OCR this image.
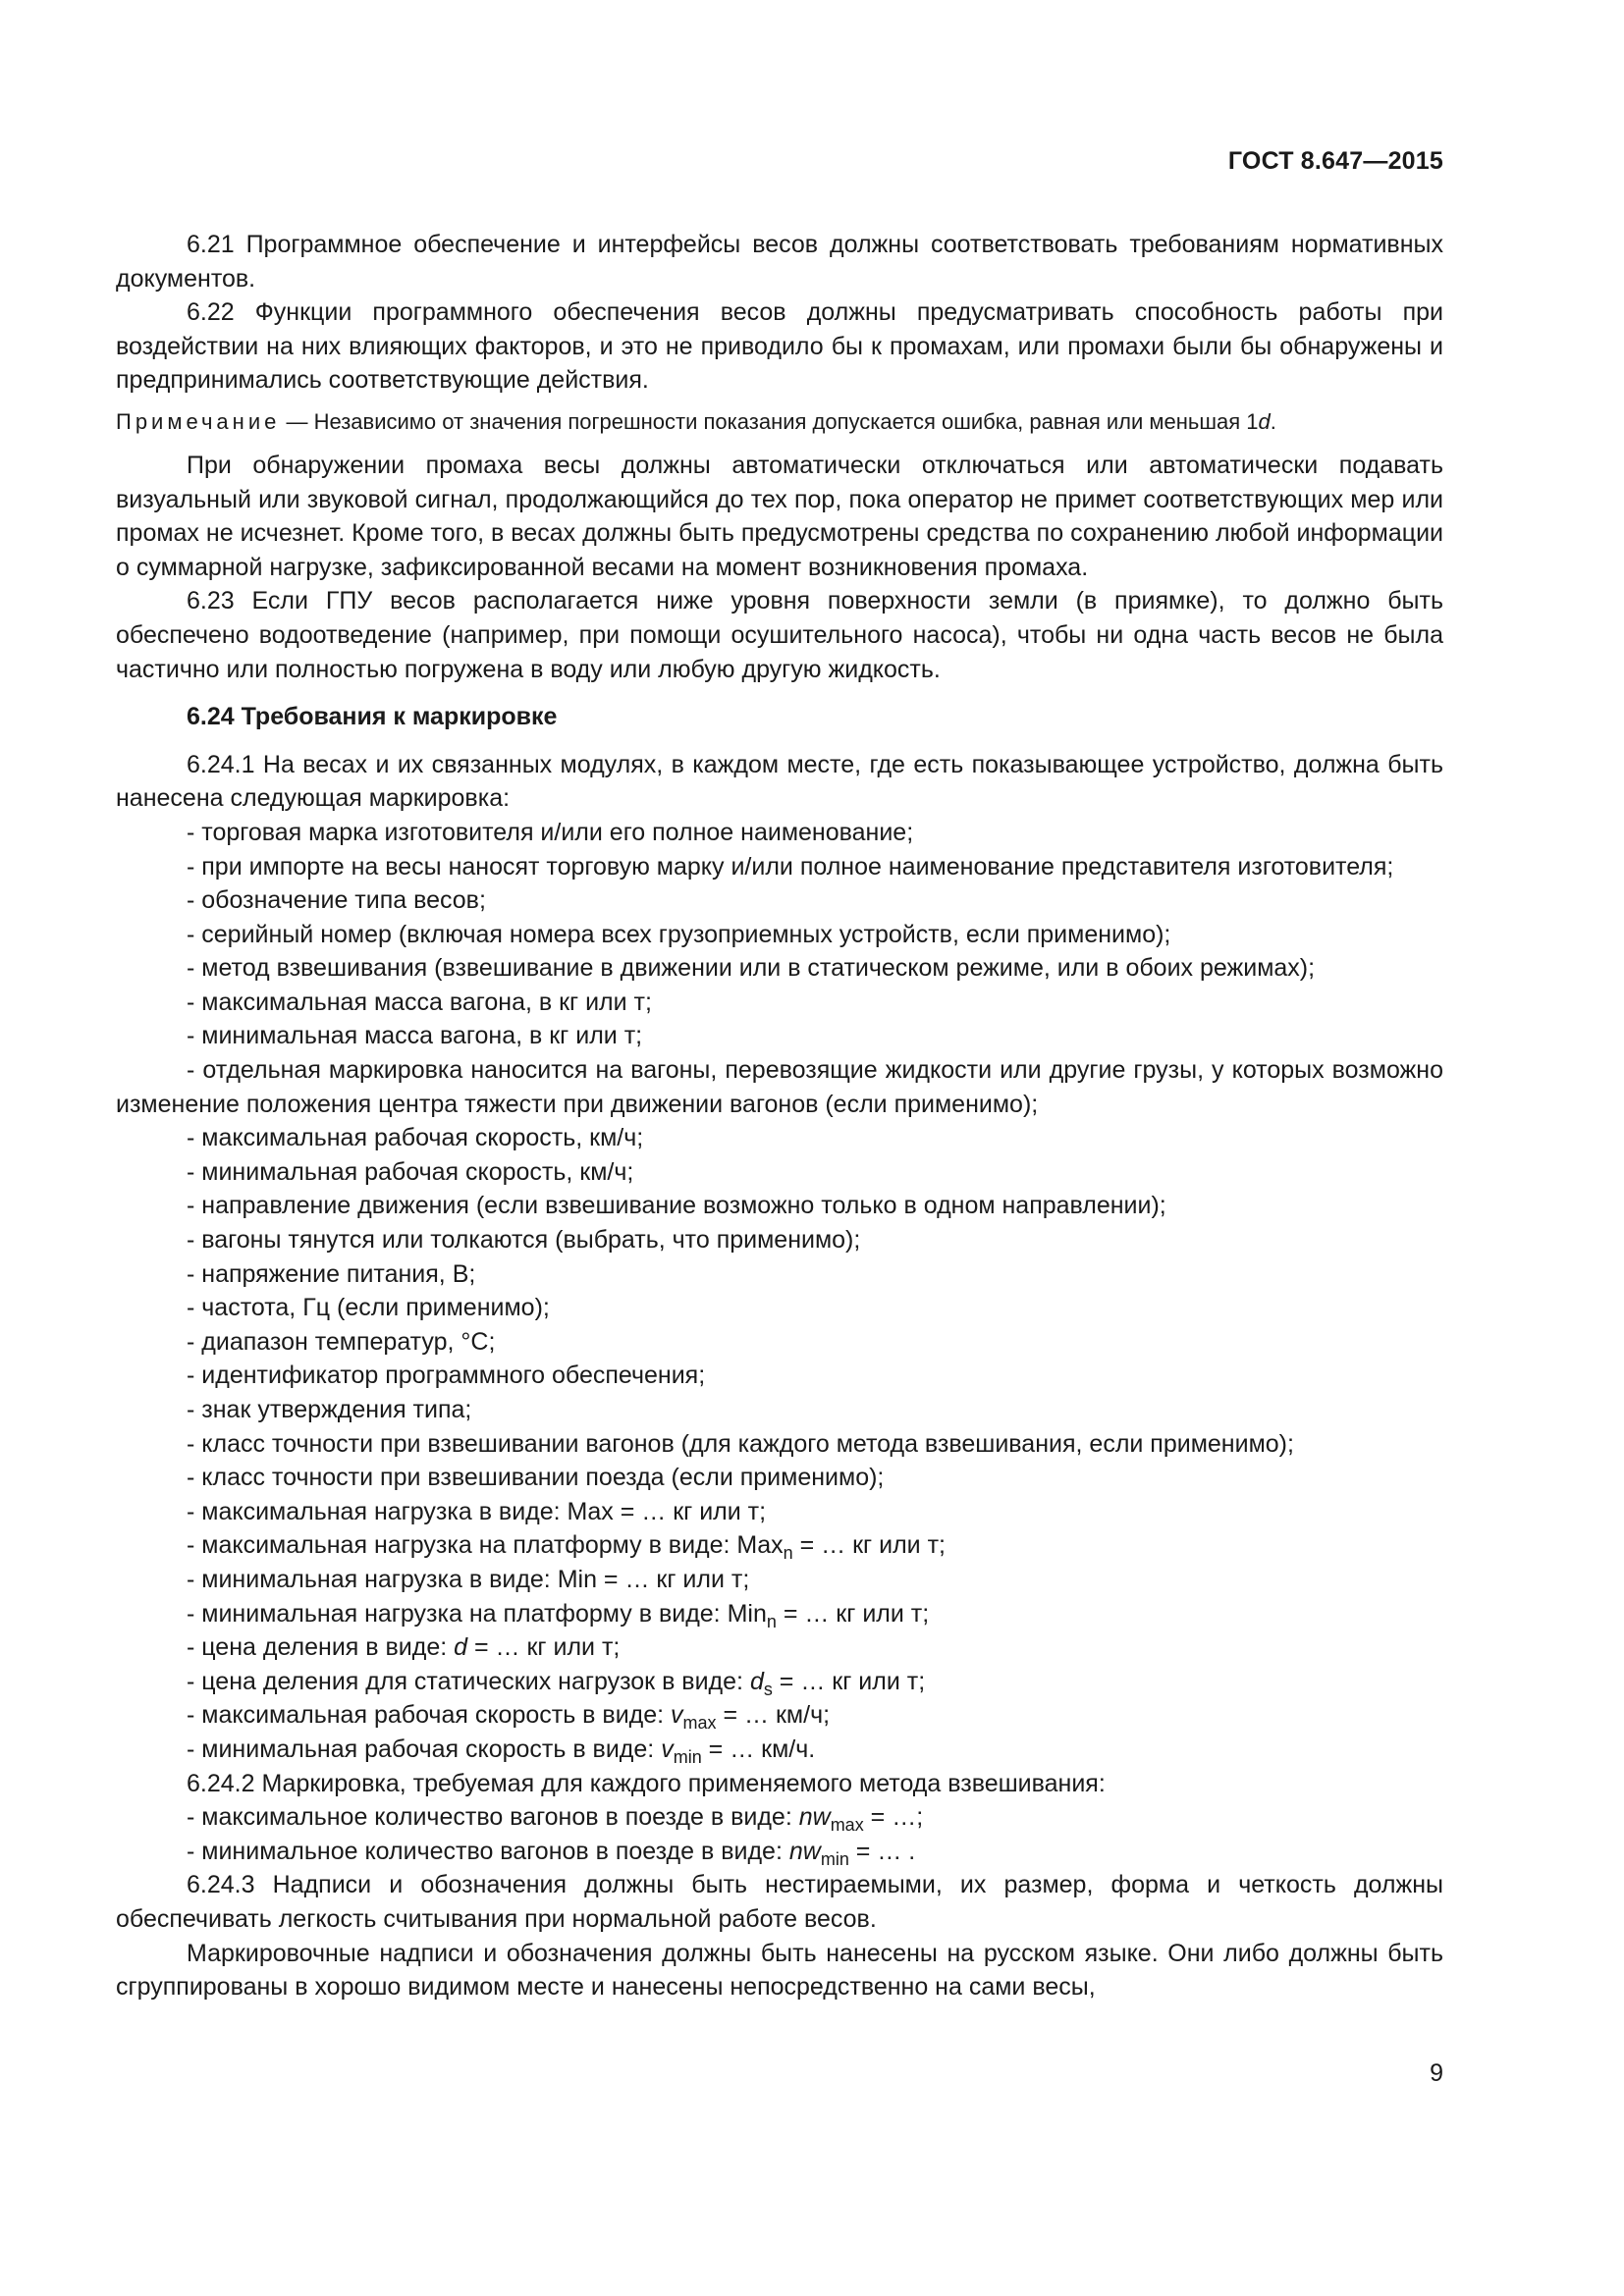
ГОСТ 8.647—2015

6.21 Программное обеспечение и интерфейсы весов должны соответствовать требованиям нормативных документов.

6.22 Функции программного обеспечения весов должны предусматривать способность работы при воздействии на них влияющих факторов, и это не приводило бы к промахам, или промахи были бы обнаружены и предпринимались соответствующие действия.

Примечание — Независимо от значения погрешности показания допускается ошибка, равная или меньшая 1d.

При обнаружении промаха весы должны автоматически отключаться или автоматически подавать визуальный или звуковой сигнал, продолжающийся до тех пор, пока оператор не примет соответствующих мер или промах не исчезнет. Кроме того, в весах должны быть предусмотрены средства по сохранению любой информации о суммарной нагрузке, зафиксированной весами на момент возникновения промаха.

6.23 Если ГПУ весов располагается ниже уровня поверхности земли (в приямке), то должно быть обеспечено водоотведение (например, при помощи осушительного насоса), чтобы ни одна часть весов не была частично или полностью погружена в воду или любую другую жидкость.

6.24 Требования к маркировке

6.24.1 На весах и их связанных модулях, в каждом месте, где есть показывающее устройство, должна быть нанесена следующая маркировка:

- торговая марка изготовителя и/или его полное наименование;

- при импорте на весы наносят торговую марку и/или полное наименование представителя изготовителя;

- обозначение типа весов;

- серийный номер (включая номера всех грузоприемных устройств, если применимо);

- метод взвешивания (взвешивание в движении или в статическом режиме, или в обоих режимах);

- максимальная масса вагона, в кг или т;

- минимальная масса вагона, в кг или т;

- отдельная маркировка наносится на вагоны, перевозящие жидкости или другие грузы, у которых возможно изменение положения центра тяжести при движении вагонов (если применимо);

- максимальная рабочая скорость, км/ч;

- минимальная рабочая скорость, км/ч;

- направление движения (если взвешивание возможно только в одном направлении);

- вагоны тянутся или толкаются (выбрать, что применимо);

- напряжение питания, В;

- частота, Гц (если применимо);

- диапазон температур, °С;

- идентификатор программного обеспечения;

- знак утверждения типа;

- класс точности при взвешивании вагонов (для каждого метода взвешивания, если применимо);

- класс точности при взвешивании поезда (если применимо);

- максимальная нагрузка в виде: Max = … кг или т;

- максимальная нагрузка на платформу в виде: Max$_n$ = … кг или т;

- минимальная нагрузка в виде: Min = … кг или т;

- минимальная нагрузка на платформу в виде: Min$_n$ = … кг или т;

- цена деления в виде: d = … кг или т;

- цена деления для статических нагрузок в виде: $d_s$ = … кг или т;

- максимальная рабочая скорость в виде: $v_{max}$ = … км/ч;

- минимальная рабочая скорость в виде: $v_{min}$ = … км/ч.

6.24.2 Маркировка, требуемая для каждого применяемого метода взвешивания:

- максимальное количество вагонов в поезде в виде: $nw_{max}$ = …;

- минимальное количество вагонов в поезде в виде: $nw_{min}$ = … .

6.24.3 Надписи и обозначения должны быть нестираемыми, их размер, форма и четкость должны обеспечивать легкость считывания при нормальной работе весов.

Маркировочные надписи и обозначения должны быть нанесены на русском языке. Они либо должны быть сгруппированы в хорошо видимом месте и нанесены непосредственно на сами весы,

9
